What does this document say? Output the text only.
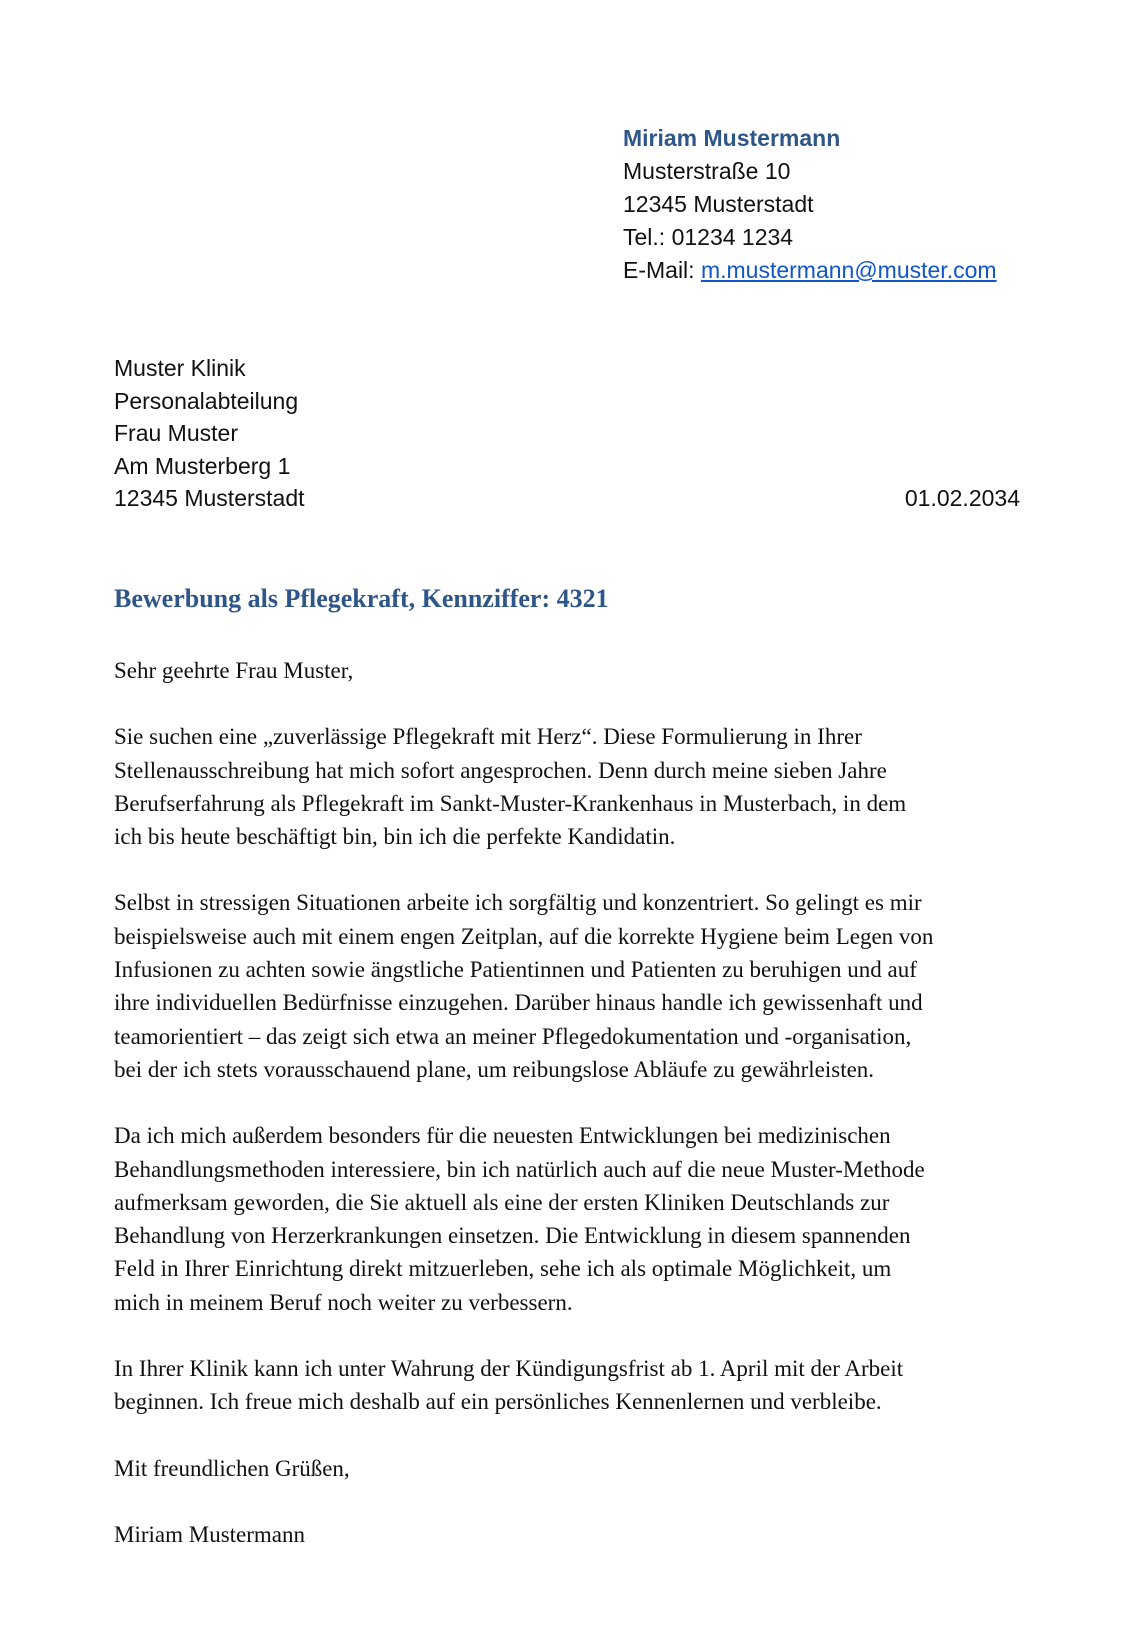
Miriam Mustermann
Musterstraße 10
12345 Musterstadt
Tel.: 01234 1234
E-Mail: m.mustermann@muster.com
Muster Klinik
Personalabteilung
Frau Muster
Am Musterberg 1
12345 Musterstadt	01.02.2034
Bewerbung als Pflegekraft, Kennziffer: 4321

Sehr geehrte Frau Muster,

Sie suchen eine „zuverlässige Pflegekraft mit Herz“. Diese Formulierung in Ihrer
Stellenausschreibung hat mich sofort angesprochen. Denn durch meine sieben Jahre
Berufserfahrung als Pflegekraft im Sankt-Muster-Krankenhaus in Musterbach, in dem
ich bis heute beschäftigt bin, bin ich die perfekte Kandidatin.

Selbst in stressigen Situationen arbeite ich sorgfältig und konzentriert. So gelingt es mir
beispielsweise auch mit einem engen Zeitplan, auf die korrekte Hygiene beim Legen von
Infusionen zu achten sowie ängstliche Patientinnen und Patienten zu beruhigen und auf
ihre individuellen Bedürfnisse einzugehen. Darüber hinaus handle ich gewissenhaft und
teamorientiert – das zeigt sich etwa an meiner Pflegedokumentation und -organisation,
bei der ich stets vorausschauend plane, um reibungslose Abläufe zu gewährleisten.

Da ich mich außerdem besonders für die neuesten Entwicklungen bei medizinischen
Behandlungsmethoden interessiere, bin ich natürlich auch auf die neue Muster-Methode
aufmerksam geworden, die Sie aktuell als eine der ersten Kliniken Deutschlands zur
Behandlung von Herzerkrankungen einsetzen. Die Entwicklung in diesem spannenden
Feld in Ihrer Einrichtung direkt mitzuerleben, sehe ich als optimale Möglichkeit, um
mich in meinem Beruf noch weiter zu verbessern.

In Ihrer Klinik kann ich unter Wahrung der Kündigungsfrist ab 1. April mit der Arbeit
beginnen. Ich freue mich deshalb auf ein persönliches Kennenlernen und verbleibe.

Mit freundlichen Grüßen,

Miriam Mustermann
